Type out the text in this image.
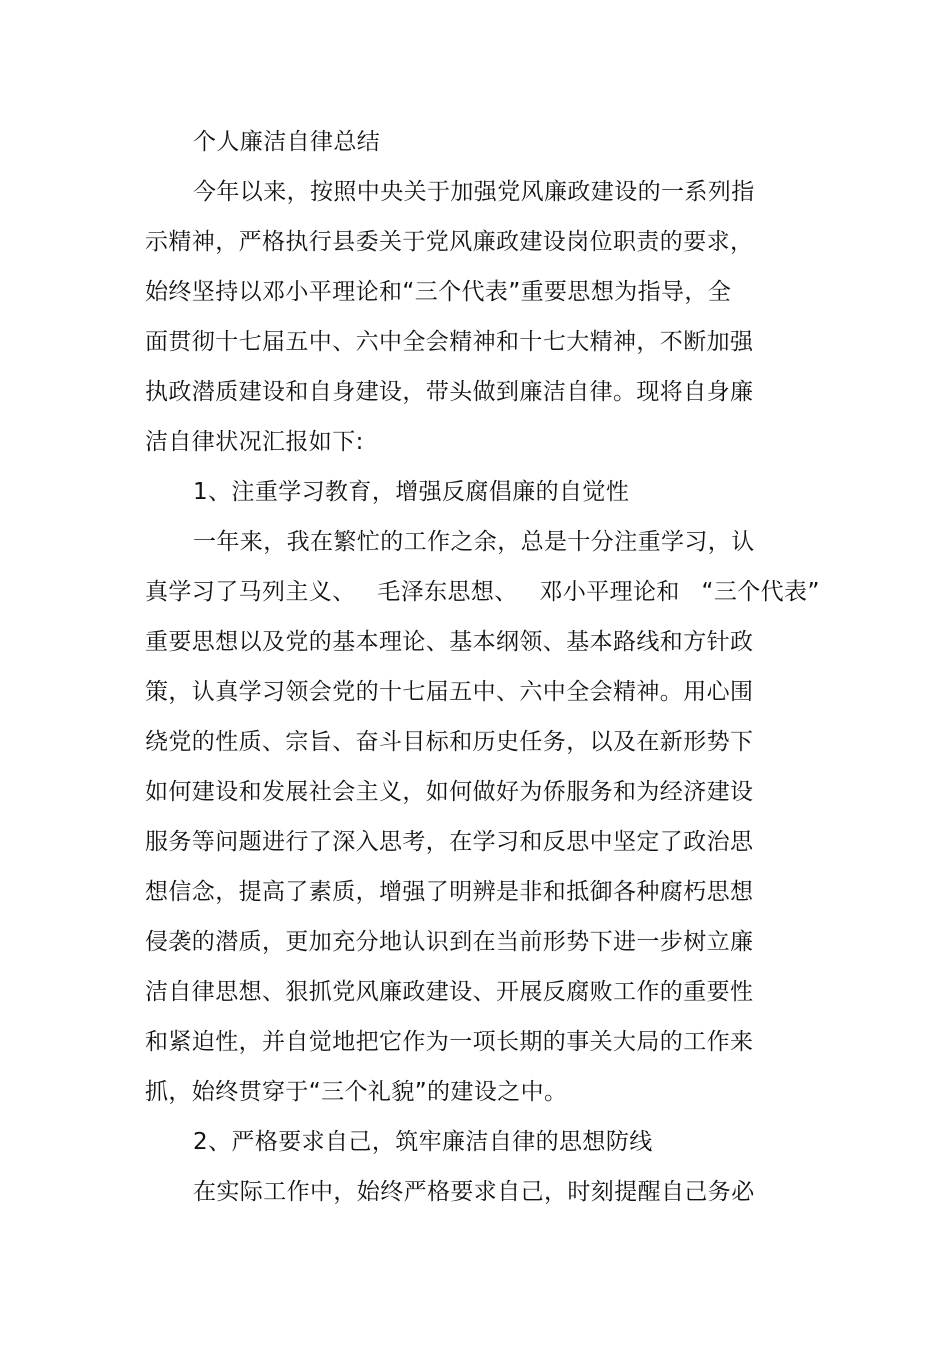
个人廉洁自律总结
今年以来，按照中央关于加强党风廉政建设的一系列指
示精神，严格执行县委关于党风廉政建设岗位职责的要求，
始终坚持以邓小平理论和“三个代表”重要思想为指导，全
面贯彻十七届五中、六中全会精神和十七大精神，不断加强
执政潜质建设和自身建设，带头做到廉洁自律。现将自身廉
洁自律状况汇报如下:
1、注重学习教育，增强反腐倡廉的自觉性
一年来，我在繁忙的工作之余，总是十分注重学习，认
真学习了马列主义、 毛泽东思想、 邓小平理论和 “三个代表”
重要思想以及党的基本理论、基本纲领、基本路线和方针政
策，认真学习领会党的十七届五中、六中全会精神。用心围
绕党的性质、宗旨、奋斗目标和历史任务，以及在新形势下
如何建设和发展社会主义，如何做好为侨服务和为经济建设
服务等问题进行了深入思考，在学习和反思中坚定了政治思
想信念，提高了素质，增强了明辨是非和抵御各种腐朽思想
侵袭的潜质，更加充分地认识到在当前形势下进一步树立廉
洁自律思想、狠抓党风廉政建设、开展反腐败工作的重要性
和紧迫性，并自觉地把它作为一项长期的事关大局的工作来
抓，始终贯穿于“三个礼貌”的建设之中。
2、严格要求自己，筑牢廉洁自律的思想防线
在实际工作中，始终严格要求自己，时刻提醒自己务必
